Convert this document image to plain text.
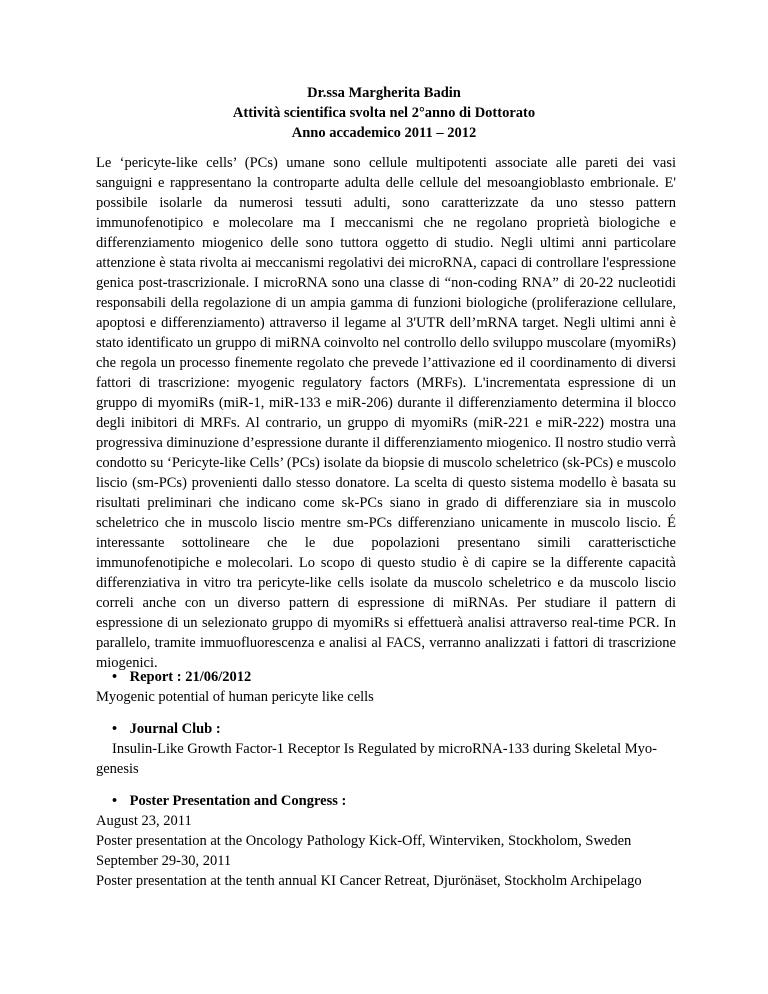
Dr.ssa Margherita Badin
Attività scientifica svolta nel 2°anno di Dottorato
Anno accademico 2011 – 2012
Le ‘pericyte-like cells’ (PCs) umane sono cellule multipotenti associate alle pareti dei vasi sanguigni e rappresentano la controparte adulta delle cellule del mesoangioblasto embrionale. E' possibile isolarle da numerosi tessuti adulti, sono caratterizzate da uno stesso pattern immunofenotipico e molecolare ma I meccanismi che ne regolano proprietà biologiche e differenziamento miogenico delle sono tuttora oggetto di studio. Negli ultimi anni particolare attenzione è stata rivolta ai meccanismi regolativi dei microRNA, capaci di controllare l'espressione genica post-trascrizionale. I microRNA sono una classe di “non-coding RNA” di 20-22 nucleotidi responsabili della regolazione di un ampia gamma di funzioni biologiche (proliferazione cellulare, apoptosi e differenziamento) attraverso il legame al 3'UTR dell’mRNA target. Negli ultimi anni è stato identificato un gruppo di miRNA coinvolto nel controllo dello sviluppo muscolare (myomiRs) che regola un processo finemente regolato che prevede l’attivazione ed il coordinamento di diversi fattori di trascrizione: myogenic regulatory factors (MRFs). L'incrementata espressione di un gruppo di myomiRs (miR-1, miR-133 e miR-206) durante il differenziamento determina il blocco degli inibitori di MRFs. Al contrario, un gruppo di myomiRs (miR-221 e miR-222) mostra una progressiva diminuzione d’espressione durante il differenziamento miogenico. Il nostro studio verrà condotto su ‘Pericyte-like Cells’ (PCs) isolate da biopsie di muscolo scheletrico (sk-PCs) e muscolo liscio (sm-PCs) provenienti dallo stesso donatore. La scelta di questo sistema modello è basata su risultati preliminari che indicano come sk-PCs siano in grado di differenziare sia in muscolo scheletrico che in muscolo liscio mentre sm-PCs differenziano unicamente in muscolo liscio. É interessante sottolineare che le due popolazioni presentano simili caratterisctiche immunofenotipiche e molecolari. Lo scopo di questo studio è di capire se la differente capacità differenziativa in vitro tra pericyte-like cells isolate da muscolo scheletrico e da muscolo liscio correli anche con un diverso pattern di espressione di miRNAs. Per studiare il pattern di espressione di un selezionato gruppo di myomiRs si effettuerà analisi attraverso real-time PCR. In parallelo, tramite immuofluorescenza e analisi al FACS, verranno analizzati i fattori di trascrizione miogenici.
• Report : 21/06/2012
Myogenic potential of human pericyte like cells
• Journal Club :
Insulin-Like Growth Factor-1 Receptor Is Regulated by microRNA-133 during Skeletal Myo-
genesis
• Poster Presentation and Congress :
August 23, 2011
Poster presentation at the Oncology Pathology Kick-Off, Winterviken, Stockholom, Sweden
September 29-30, 2011
Poster presentation at the tenth annual KI Cancer Retreat, Djurönäset, Stockholm Archipelago
